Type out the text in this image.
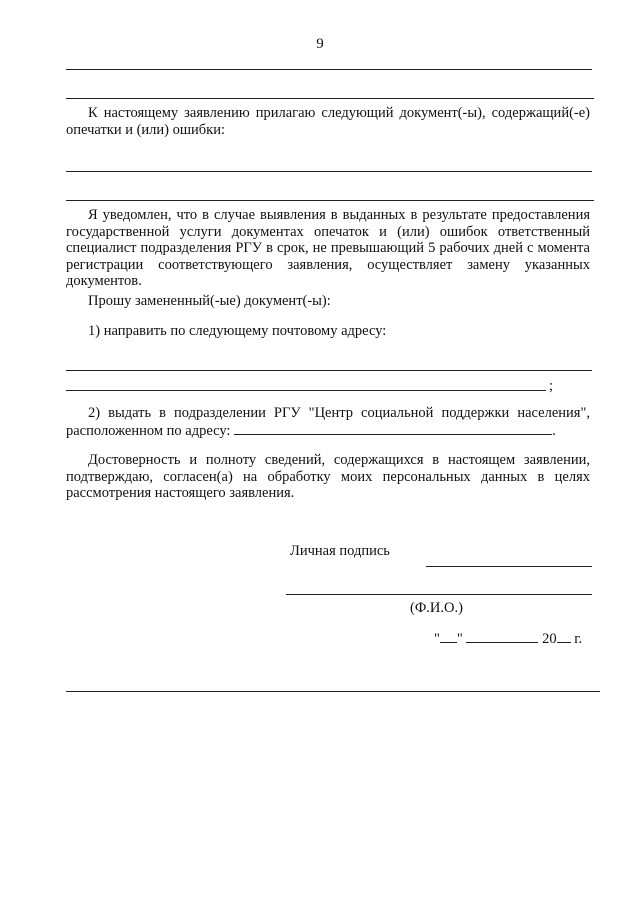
9
К настоящему заявлению прилагаю следующий документ(-ы), содержащий(-е) опечатки и (или) ошибки:
Я уведомлен, что в случае выявления в выданных в результате предоставления государственной услуги документах опечаток и (или) ошибок ответственный специалист подразделения РГУ в срок, не превышающий 5 рабочих дней с момента регистрации соответствующего заявления, осуществляет замену указанных документов.
Прошу замененный(-ые) документ(-ы):
1) направить по следующему почтовому адресу:
;
2) выдать в подразделении РГУ "Центр социальной поддержки населения", расположенном по адресу:	.
Достоверность и полноту сведений, содержащихся в настоящем заявлении, подтверждаю, согласен(а) на обработку моих персональных данных в целях рассмотрения настоящего заявления.
Личная подпись
(Ф.И.О.)
" "	20 г.
